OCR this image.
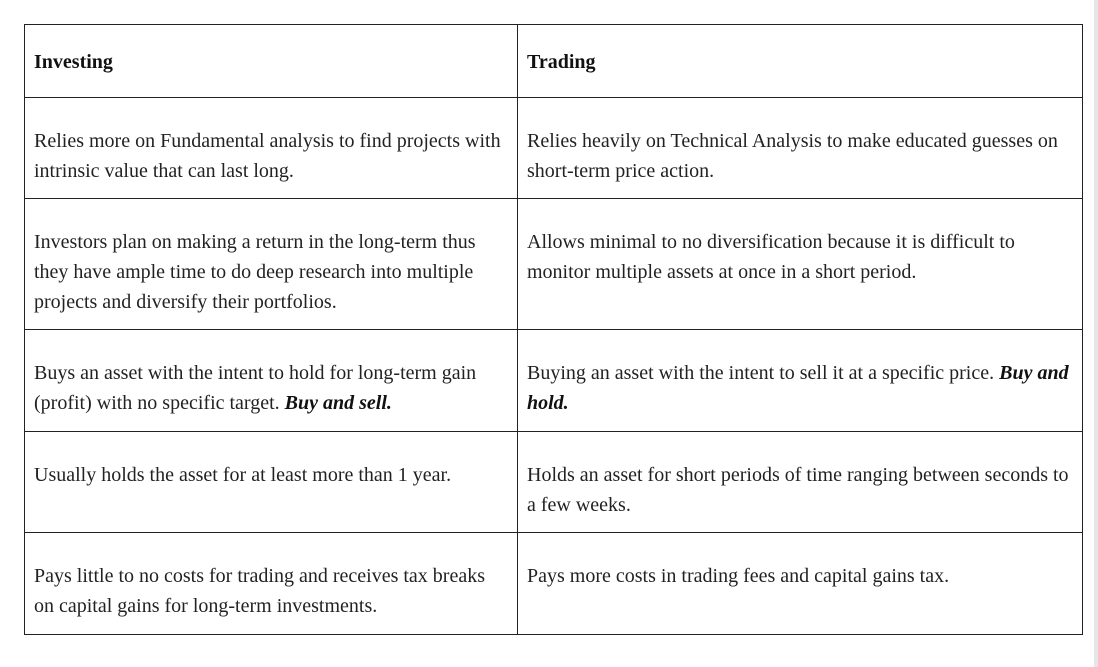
Investing	Trading
Relies more on Fundamental analysis to find projects with intrinsic value that can last long.	Relies heavily on Technical Analysis to make educated guesses on short-term price action.
Investors plan on making a return in the long-term thus they have ample time to do deep research into multiple projects and diversify their portfolios.	Allows minimal to no diversification because it is difficult to monitor multiple assets at once in a short period.
Buys an asset with the intent to hold for long-term gain (profit) with no specific target. Buy and sell.	Buying an asset with the intent to sell it at a specific price. Buy and hold.
Usually holds the asset for at least more than 1 year.	Holds an asset for short periods of time ranging between seconds to a few weeks.
Pays little to no costs for trading and receives tax breaks on capital gains for long-term investments.	Pays more costs in trading fees and capital gains tax.
